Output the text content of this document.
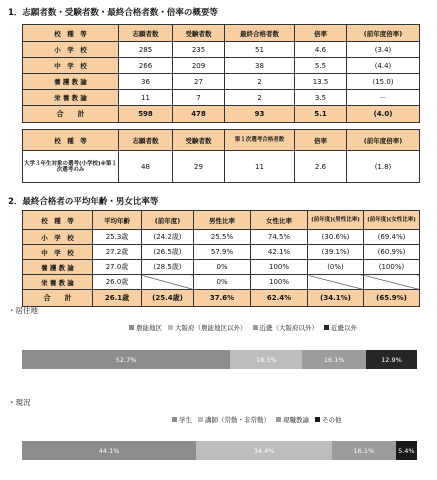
1．志願者数・受験者数・最終合格者数・倍率の概要等
校　種　等	志願者数	受験者数	最終合格者数	倍率	(前年度倍率)
小　学　校	285	235	51	4.6	(3.4)
中　学　校	266	209	38	5.5	(4.4)
養 護 教 諭	36	27	2	13.5	(15.0)
栄 養 教 諭	11	7	2	3.5	－
合　　計	598	478	93	5.1	(4.0)
校　種　等	志願者数	受験者数	第１次選考合格者数	倍率	(前年度倍率)
大学３年生対象の選考(小学校)※第１次選考のみ	48	29	11	2.6	(1.8)
2．最終合格者の平均年齢・男女比率等
校　種　等	平均年齢	(前年度)	男性比率	女性比率	(前年度)(男性比率)	(前年度)(女性比率)
小　学　校	25.3歳	(24.2歳)	25.5%	74.5%	(30.6%)	(69.4%)
中　学　校	27.2歳	(26.5歳)	57.9%	42.1%	(39.1%)	(60.9%)
養 護 教 諭	27.0歳	(28.5歳)	0%	100%	(0%)	(100%)
栄 養 教 諭	26.0歳		0%	100%		
合　　計	26.1歳	(25.4歳)	37.6%	62.4%	(34.1%)	(65.9%)
・居住地
農能地区 大阪府（農能地区以外） 近畿（大阪府以外） 近畿以外
52.7%	18.3%	16.1%	12.9%
・現況
学生 講師（常勤・非常勤） 現職教諭 その他
44.1%	34.4%	16.1%	5.4%
